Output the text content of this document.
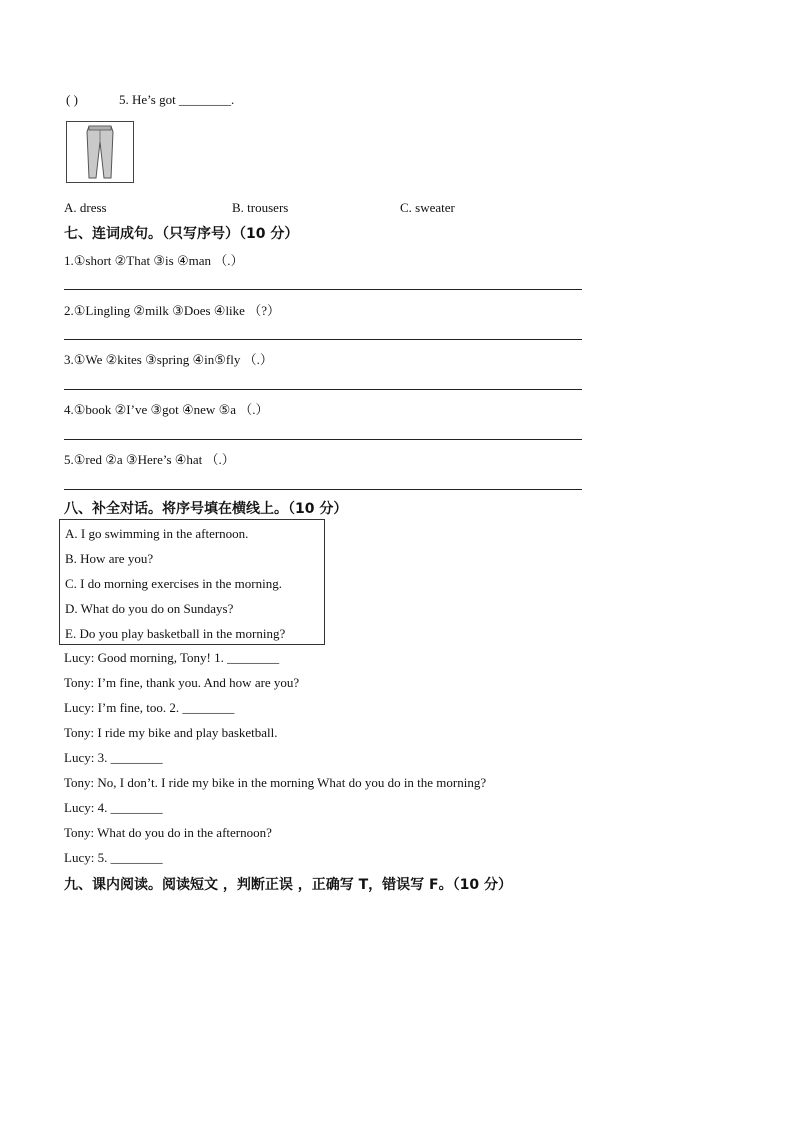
( )	5. He’s got ________.
A. dress	B. trousers	C. sweater
七、连词成句。（只写序号）（10 分）
1.①short ②That ③is ④man （.）
2.①Lingling ②milk ③Does ④like （?）
3.①We ②kites ③spring ④in⑤fly （.）
4.①book ②I’ve ③got ④new ⑤a （.）
5.①red ②a ③Here’s ④hat （.）
八、补全对话。将序号填在横线上。（10 分）
A. I go swimming in the afternoon.
B. How are you?
C. I do morning exercises in the morning.
D. What do you do on Sundays?
E. Do you play basketball in the morning?
Lucy: Good morning, Tony! 1. ________
Tony: I’m fine, thank you. And how are you?
Lucy: I’m fine, too. 2. ________
Tony: I ride my bike and play basketball.
Lucy: 3. ________
Tony: No, I don’t. I ride my bike in the morning What do you do in the morning?
Lucy: 4. ________
Tony: What do you do in the afternoon?
Lucy: 5. ________
九、课内阅读。阅读短文 ，判断正误 ，正确写 T，错误写 F。（10 分）
